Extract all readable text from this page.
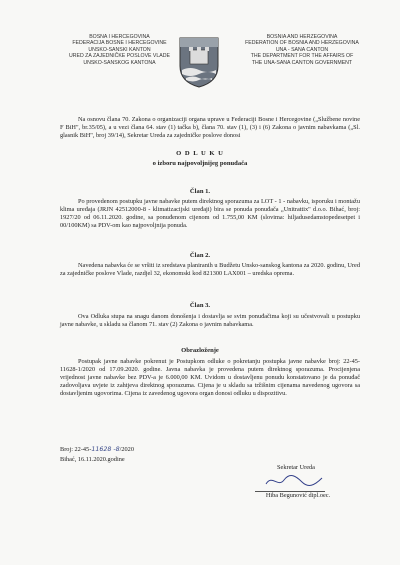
BOSNA I HERCEGOVINA
FEDERACIJA BOSNE I HERCEGOVINE
UNSKO-SANSKI KANTON
URED ZA ZAJEDNIČKE POSLOVE VLADE
UNSKO-SANSKOG KANTONA
BOSNIA AND HERZEGOVINA
FEDERATION OF BOSNIA AND HERZEGOVINA
UNA - SANA CANTON
THE DEPARTMENT FOR THE AFFAIRS OF
THE UNA-SANA CANTON GOVERNMENT
Na osnovu člana 70. Zakona o organizaciji organa uprave u Federaciji Bosne i Hercegovine („Službene novine F BiH", br.35/05), a u vezi člana 64. stav (1) tačka b), člana 70. stav (1), (3) i (6) Zakona o javnim nabavkama („Sl. glasnik BiH", broj 39/14), Sekretar Ureda za zajedničke poslove donosi
O D L U K U
o izboru najpovoljnijeg ponuđača
Član 1.
Po provedenom postupku javne nabavke putem direktnog sporazuma za LOT - 1 - nabavku, isporuku i montažu klima uređaja (JRJN 42512000-8 - klimatizacijski uređaji) bira se ponuda ponuđača „Unitrattix" d.o.o. Bihać, broj: 1927/20 od 06.11.2020. godine, sa ponuđenom cijenom od 1.755,00 KM (slovima: hiljadusedamstopedesetpet i 00/100KM) sa PDV-om kao najpovoljnija ponuda.
Član 2.
Navedena nabavka će se vršiti iz sredstava planiranih u Budžetu Unsko-sanskog kantona za 2020. godinu, Ured za zajedničke poslove Vlade, razdjel 32, ekonomski kod 821300 LAX001 – uredska oprema.
Član 3.
Ova Odluka stupa na snagu danom donošenja i dostavlja se svim ponuđačima koji su učestvovali u postupku javne nabavke, u skladu sa članom 71. stav (2) Zakona o javnim nabavkama.
Obrazloženje
Postupak javne nabavke pokrenut je Postupkom odluke o pokretanju postupka javne nabavke broj: 22-45-11628-1/2020 od 17.09.2020. godine. Javna nabavka je provedena putem direktnog sporazuma. Procijenjena vrijednost javne nabavke bez PDV-a je 6.000,00 KM. Uvidom u dostavljenu ponudu konstatovano je da ponuđač zadovoljava uvjete iz zahtjeva direktnog sporazuma. Cijena je u skladu sa tržišnim cijenama navedenog ugovora sa dostavljenim ugovorima. Cijena iz zavedenog ugovora organ donosi odluku u dispozitivu.
Broj: 22-45-11628 -8/2020
Bihać, 16.11.2020.godine
Sekretar Ureda
Hiba Begunović dipl.oec.
